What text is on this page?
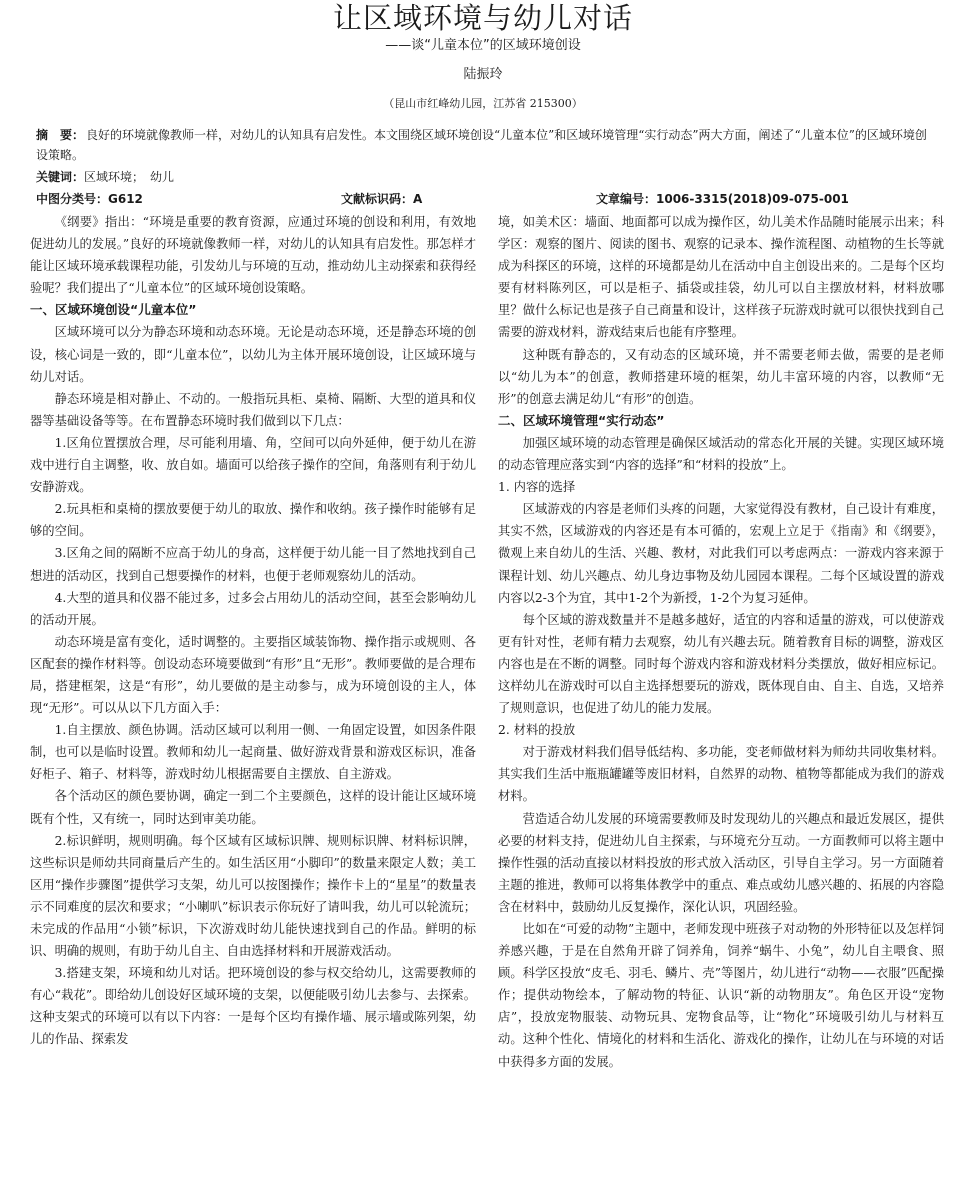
让区域环境与幼儿对话
——谈“儿童本位”的区域环境创设
陆振玲
（昆山市红峰幼儿园，江苏省 215300）
摘　要： 良好的环境就像教师一样，对幼儿的认知具有启发性。本文围绕区域环境创设“儿童本位”和区域环境管理“实行动态”两大方面，阐述了“儿童本位”的区域环境创设策略。
关键词：区域环境；　幼儿
中图分类号：G612	文献标识码：A	文章编号：1006-3315(2018)09-075-001

《纲要》指出：“环境是重要的教育资源，应通过环境的创设和利用，有效地促进幼儿的发展。”良好的环境就像教师一样，对幼儿的认知具有启发性。那怎样才能让区域环境承载课程功能，引发幼儿与环境的互动，推动幼儿主动探索和获得经验呢？我们提出了“儿童本位”的区域环境创设策略。

一、区域环境创设“儿童本位”

区域环境可以分为静态环境和动态环境。无论是动态环境，还是静态环境的创设，核心词是一致的，即“儿童本位”，以幼儿为主体开展环境创设，让区域环境与幼儿对话。

静态环境是相对静止、不动的。一般指玩具柜、桌椅、隔断、大型的道具和仪器等基础设备等等。在布置静态环境时我们做到以下几点：

1.区角位置摆放合理，尽可能利用墙、角，空间可以向外延伸，便于幼儿在游戏中进行自主调整，收、放自如。墙面可以给孩子操作的空间，角落则有利于幼儿安静游戏。

2.玩具柜和桌椅的摆放要便于幼儿的取放、操作和收纳。孩子操作时能够有足够的空间。

3.区角之间的隔断不应高于幼儿的身高，这样便于幼儿能一目了然地找到自己想进的活动区，找到自己想要操作的材料，也便于老师观察幼儿的活动。

4.大型的道具和仪器不能过多，过多会占用幼儿的活动空间，甚至会影响幼儿的活动开展。

动态环境是富有变化，适时调整的。主要指区域装饰物、操作指示或规则、各区配套的操作材料等。创设动态环境要做到“有形”且“无形”。教师要做的是合理布局，搭建框架，这是“有形”，幼儿要做的是主动参与，成为环境创设的主人，体现“无形”。可以从以下几方面入手：

1.自主摆放、颜色协调。活动区域可以利用一侧、一角固定设置，如因条件限制，也可以是临时设置。教师和幼儿一起商量、做好游戏背景和游戏区标识，准备好柜子、箱子、材料等，游戏时幼儿根据需要自主摆放、自主游戏。

各个活动区的颜色要协调，确定一到二个主要颜色，这样的设计能让区域环境既有个性，又有统一，同时达到审美功能。

2.标识鲜明，规则明确。每个区域有区域标识牌、规则标识牌、材料标识牌，这些标识是师幼共同商量后产生的。如生活区用“小脚印”的数量来限定人数；美工区用“操作步骤图”提供学习支架，幼儿可以按图操作；操作卡上的“星星”的数量表示不同难度的层次和要求；“小喇叭”标识表示你玩好了请叫我，幼儿可以轮流玩；未完成的作品用“小锁”标识，下次游戏时幼儿能快速找到自己的作品。鲜明的标识、明确的规则，有助于幼儿自主、自由选择材料和开展游戏活动。

3.搭建支架，环境和幼儿对话。把环境创设的参与权交给幼儿，这需要教师的有心“栽花”。即给幼儿创设好区域环境的支架，以便能吸引幼儿去参与、去探索。这种支架式的环境可以有以下内容：一是每个区均有操作墙、展示墙或陈列架，幼儿的作品、探索发

境，如美术区：墙面、地面都可以成为操作区，幼儿美术作品随时能展示出来；科学区：观察的图片、阅读的图书、观察的记录本、操作流程图、动植物的生长等就成为科探区的环境，这样的环境都是幼儿在活动中自主创设出来的。二是每个区均要有材料陈列区，可以是柜子、插袋或挂袋，幼儿可以自主摆放材料，材料放哪里？做什么标记也是孩子自己商量和设计，这样孩子玩游戏时就可以很快找到自己需要的游戏材料，游戏结束后也能有序整理。

这种既有静态的，又有动态的区域环境，并不需要老师去做，需要的是老师以“幼儿为本”的创意，教师搭建环境的框架，幼儿丰富环境的内容，以教师“无形”的创意去满足幼儿“有形”的创造。

二、区域环境管理“实行动态”

加强区域环境的动态管理是确保区域活动的常态化开展的关键。实现区域环境的动态管理应落实到“内容的选择”和“材料的投放”上。

1. 内容的选择

区域游戏的内容是老师们头疼的问题，大家觉得没有教材，自己设计有难度，其实不然，区域游戏的内容还是有本可循的，宏观上立足于《指南》和《纲要》，微观上来自幼儿的生活、兴趣、教材，对此我们可以考虑两点：一游戏内容来源于课程计划、幼儿兴趣点、幼儿身边事物及幼儿园园本课程。二每个区域设置的游戏内容以2-3个为宜，其中1-2个为新授，1-2个为复习延伸。

每个区域的游戏数量并不是越多越好，适宜的内容和适量的游戏，可以使游戏更有针对性，老师有精力去观察，幼儿有兴趣去玩。随着教育目标的调整，游戏区内容也是在不断的调整。同时每个游戏内容和游戏材料分类摆放，做好相应标记。这样幼儿在游戏时可以自主选择想要玩的游戏，既体现自由、自主、自选，又培养了规则意识，也促进了幼儿的能力发展。

2. 材料的投放

对于游戏材料我们倡导低结构、多功能，变老师做材料为师幼共同收集材料。其实我们生活中瓶瓶罐罐等废旧材料，自然界的动物、植物等都能成为我们的游戏材料。

营造适合幼儿发展的环境需要教师及时发现幼儿的兴趣点和最近发展区，提供必要的材料支持，促进幼儿自主探索，与环境充分互动。一方面教师可以将主题中操作性强的活动直接以材料投放的形式放入活动区，引导自主学习。另一方面随着主题的推进，教师可以将集体教学中的重点、难点或幼儿感兴趣的、拓展的内容隐含在材料中，鼓励幼儿反复操作，深化认识，巩固经验。

比如在“可爱的动物”主题中，老师发现中班孩子对动物的外形特征以及怎样饲养感兴趣，于是在自然角开辟了饲养角，饲养“蜗牛、小兔”，幼儿自主喂食、照顾。科学区投放“皮毛、羽毛、鳞片、壳”等图片，幼儿进行“动物——衣服”匹配操作；提供动物绘本，了解动物的特征、认识“新的动物朋友”。角色区开设“宠物店”，投放宠物服装、动物玩具、宠物食品等，让“物化”环境吸引幼儿与材料互动。这种个性化、情境化的材料和生活化、游戏化的操作，让幼儿在与环境的对话中获得多方面的发展。
